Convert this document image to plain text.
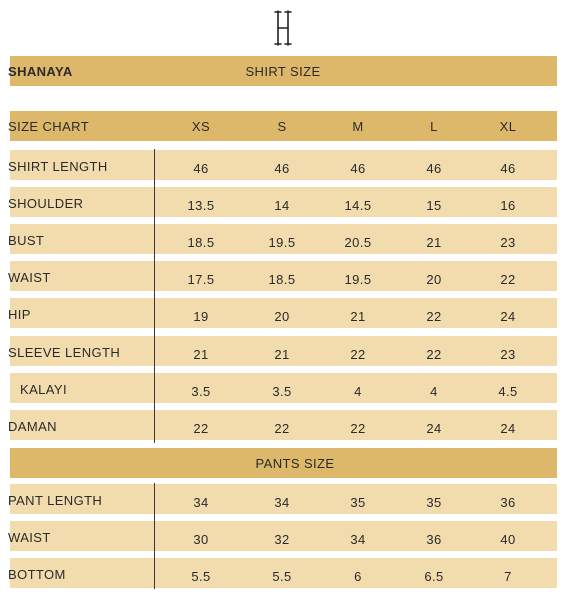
SHANAYA	SHIRT SIZE
SIZE CHART	XS	S	M	L	XL
SHIRT LENGTH	46	46	46	46	46
SHOULDER	13.5	14	14.5	15	16
BUST	18.5	19.5	20.5	21	23
WAIST	17.5	18.5	19.5	20	22
HIP	19	20	21	22	24
SLEEVE LENGTH	21	21	22	22	23
KALAYI	3.5	3.5	4	4	4.5
DAMAN	22	22	22	24	24
PANTS SIZE
PANT LENGTH	34	34	35	35	36
WAIST	30	32	34	36	40
BOTTOM	5.5	5.5	6	6.5	7
